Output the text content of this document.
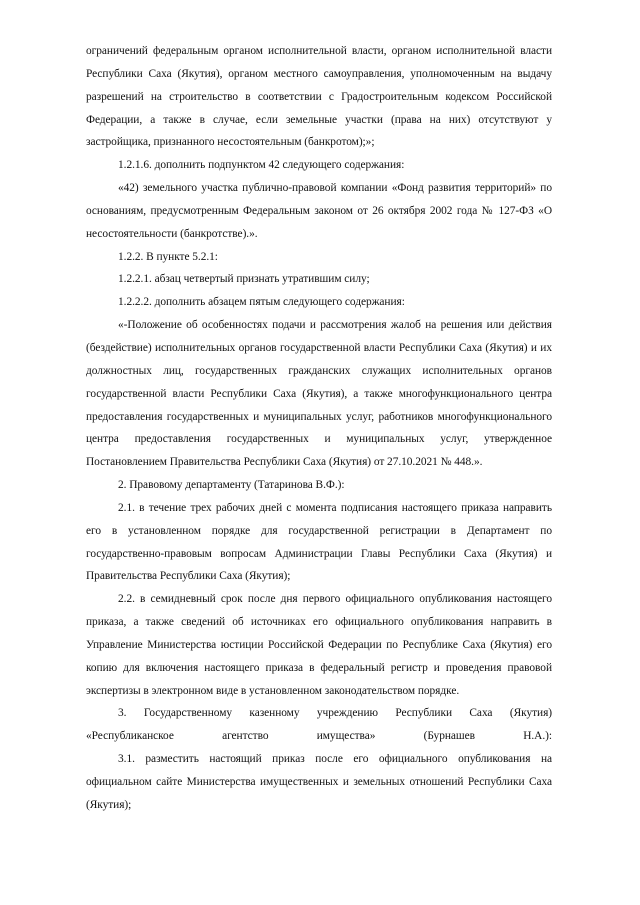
ограничений федеральным органом исполнительной власти, органом исполнительной власти Республики Саха (Якутия), органом местного самоуправления, уполномоченным на выдачу разрешений на строительство в соответствии с Градостроительным кодексом Российской Федерации, а также в случае, если земельные участки (права на них) отсутствуют у застройщика, признанного несостоятельным (банкротом);»;

1.2.1.6. дополнить подпунктом 42 следующего содержания:

«42) земельного участка публично-правовой компании «Фонд развития территорий» по основаниям, предусмотренным Федеральным законом от 26 октября 2002 года № 127-ФЗ «О несостоятельности (банкротстве).».

1.2.2. В пункте 5.2.1:

1.2.2.1. абзац четвертый признать утратившим силу;

1.2.2.2. дополнить абзацем пятым следующего содержания:

«-Положение об особенностях подачи и рассмотрения жалоб на решения или действия (бездействие) исполнительных органов государственной власти Республики Саха (Якутия) и их должностных лиц, государственных гражданских служащих исполнительных органов государственной власти Республики Саха (Якутия), а также многофункционального центра предоставления государственных и муниципальных услуг, работников многофункционального центра предоставления государственных и муниципальных услуг, утвержденное Постановлением Правительства Республики Саха (Якутия) от 27.10.2021 № 448.».

2. Правовому департаменту (Татаринова В.Ф.):

2.1. в течение трех рабочих дней с момента подписания настоящего приказа направить его в установленном порядке для государственной регистрации в Департамент по государственно-правовым вопросам Администрации Главы Республики Саха (Якутия) и Правительства Республики Саха (Якутия);

2.2. в семидневный срок после дня первого официального опубликования настоящего приказа, а также сведений об источниках его официального опубликования направить в Управление Министерства юстиции Российской Федерации по Республике Саха (Якутия) его копию для включения настоящего приказа в федеральный регистр и проведения правовой экспертизы в электронном виде в установленном законодательством порядке.

3. Государственному казенному учреждению Республики Саха (Якутия) «Республиканское агентство имущества» (Бурнашев Н.А.):

3.1. разместить настоящий приказ после его официального опубликования на официальном сайте Министерства имущественных и земельных отношений Республики Саха (Якутия);
